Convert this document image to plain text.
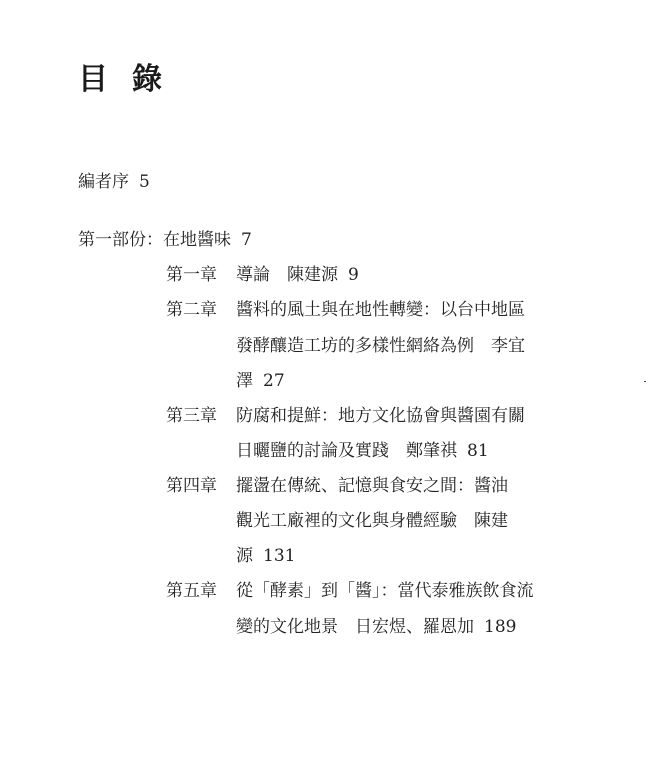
目 錄
編者序 5
第一部份：在地醬味 7
第一章 導論　陳建源 9
第二章 醬料的風土與在地性轉變：以台中地區
發酵釀造工坊的多樣性網絡為例　李宜
澤 27
第三章 防腐和提鮮：地方文化協會與醬園有關
日曬鹽的討論及實踐　鄭肇祺 81
第四章 擺盪在傳統、記憶與食安之間：醬油
觀光工廠裡的文化與身體經驗　陳建
源 131
第五章 從「酵素」到「醬」：當代泰雅族飲食流
變的文化地景　日宏煜、羅恩加 189
